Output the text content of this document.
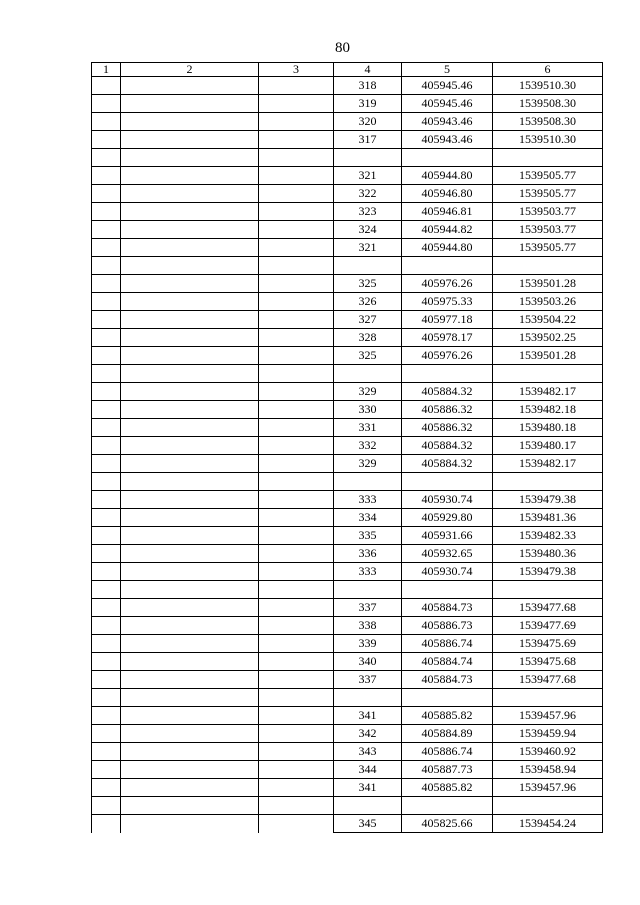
80
1	2	3	4	5	6
			318	405945.46	1539510.30
			319	405945.46	1539508.30
			320	405943.46	1539508.30
			317	405943.46	1539510.30

			321	405944.80	1539505.77
			322	405946.80	1539505.77
			323	405946.81	1539503.77
			324	405944.82	1539503.77
			321	405944.80	1539505.77

			325	405976.26	1539501.28
			326	405975.33	1539503.26
			327	405977.18	1539504.22
			328	405978.17	1539502.25
			325	405976.26	1539501.28

			329	405884.32	1539482.17
			330	405886.32	1539482.18
			331	405886.32	1539480.18
			332	405884.32	1539480.17
			329	405884.32	1539482.17

			333	405930.74	1539479.38
			334	405929.80	1539481.36
			335	405931.66	1539482.33
			336	405932.65	1539480.36
			333	405930.74	1539479.38

			337	405884.73	1539477.68
			338	405886.73	1539477.69
			339	405886.74	1539475.69
			340	405884.74	1539475.68
			337	405884.73	1539477.68

			341	405885.82	1539457.96
			342	405884.89	1539459.94
			343	405886.74	1539460.92
			344	405887.73	1539458.94
			341	405885.82	1539457.96

			345	405825.66	1539454.24
